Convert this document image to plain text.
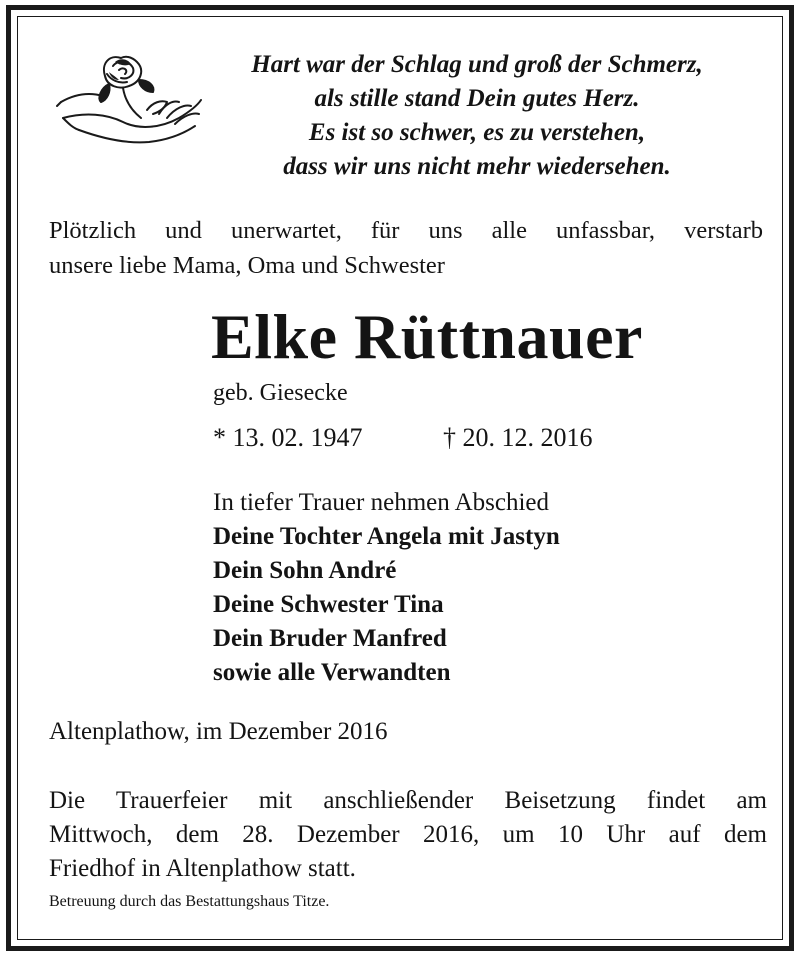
Hart war der Schlag und groß der Schmerz,
als stille stand Dein gutes Herz.
Es ist so schwer, es zu verstehen,
dass wir uns nicht mehr wiedersehen.
Plötzlich und unerwartet, für uns alle unfassbar, verstarb
unsere liebe Mama, Oma und Schwester
Elke Rüttnauer
geb. Giesecke
* 13. 02. 1947	† 20. 12. 2016
In tiefer Trauer nehmen Abschied
Deine Tochter Angela mit Jastyn
Dein Sohn André
Deine Schwester Tina
Dein Bruder Manfred
sowie alle Verwandten
Altenplathow, im Dezember 2016
Die Trauerfeier mit anschließender Beisetzung findet am
Mittwoch, dem 28. Dezember 2016, um 10 Uhr auf dem
Friedhof in Altenplathow statt.
Betreuung durch das Bestattungshaus Titze.
